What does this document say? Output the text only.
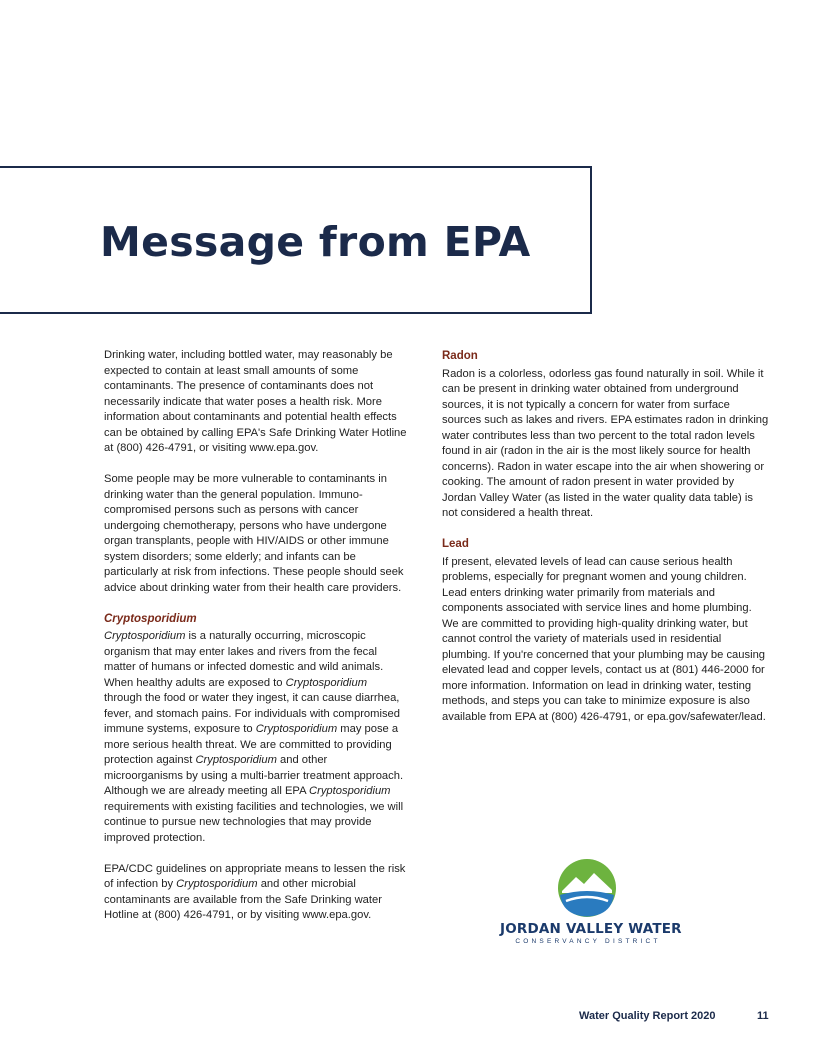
Message from EPA

Drinking water, including bottled water, may reasonably be expected to contain at least small amounts of some contaminants. The presence of contaminants does not necessarily indicate that water poses a health risk. More information about contaminants and potential health effects can be obtained by calling EPA's Safe Drinking Water Hotline at (800) 426-4791, or visiting www.epa.gov.

Some people may be more vulnerable to contaminants in drinking water than the general population. Immuno-compromised persons such as persons with cancer undergoing chemotherapy, persons who have undergone organ transplants, people with HIV/AIDS or other immune system disorders; some elderly; and infants can be particularly at risk from infections. These people should seek advice about drinking water from their health care providers.

Cryptosporidium

Cryptosporidium is a naturally occurring, microscopic organism that may enter lakes and rivers from the fecal matter of humans or infected domestic and wild animals. When healthy adults are exposed to Cryptosporidium through the food or water they ingest, it can cause diarrhea, fever, and stomach pains. For individuals with compromised immune systems, exposure to Cryptosporidium may pose a more serious health threat. We are committed to providing protection against Cryptosporidium and other microorganisms by using a multi-barrier treatment approach. Although we are already meeting all EPA Cryptosporidium requirements with existing facilities and technologies, we will continue to pursue new technologies that may provide improved protection.

EPA/CDC guidelines on appropriate means to lessen the risk of infection by Cryptosporidium and other microbial contaminants are available from the Safe Drinking water Hotline at (800) 426-4791, or by visiting www.epa.gov.

Radon

Radon is a colorless, odorless gas found naturally in soil. While it can be present in drinking water obtained from underground sources, it is not typically a concern for water from surface sources such as lakes and rivers. EPA estimates radon in drinking water contributes less than two percent to the total radon levels found in air (radon in the air is the most likely source for health concerns). Radon in water escape into the air when showering or cooking. The amount of radon present in water provided by Jordan Valley Water (as listed in the water quality data table) is not considered a health threat.

Lead

If present, elevated levels of lead can cause serious health problems, especially for pregnant women and young children. Lead enters drinking water primarily from materials and components associated with service lines and home plumbing. We are committed to providing high-quality drinking water, but cannot control the variety of materials used in residential plumbing. If you're concerned that your plumbing may be causing elevated lead and copper levels, contact us at (801) 446-2000 for more information. Information on lead in drinking water, testing methods, and steps you can take to minimize exposure is also available from EPA at (800) 426-4791, or epa.gov/safewater/lead.

JORDAN VALLEY WATER
CONSERVANCY DISTRICT
Water Quality Report 2020	11
